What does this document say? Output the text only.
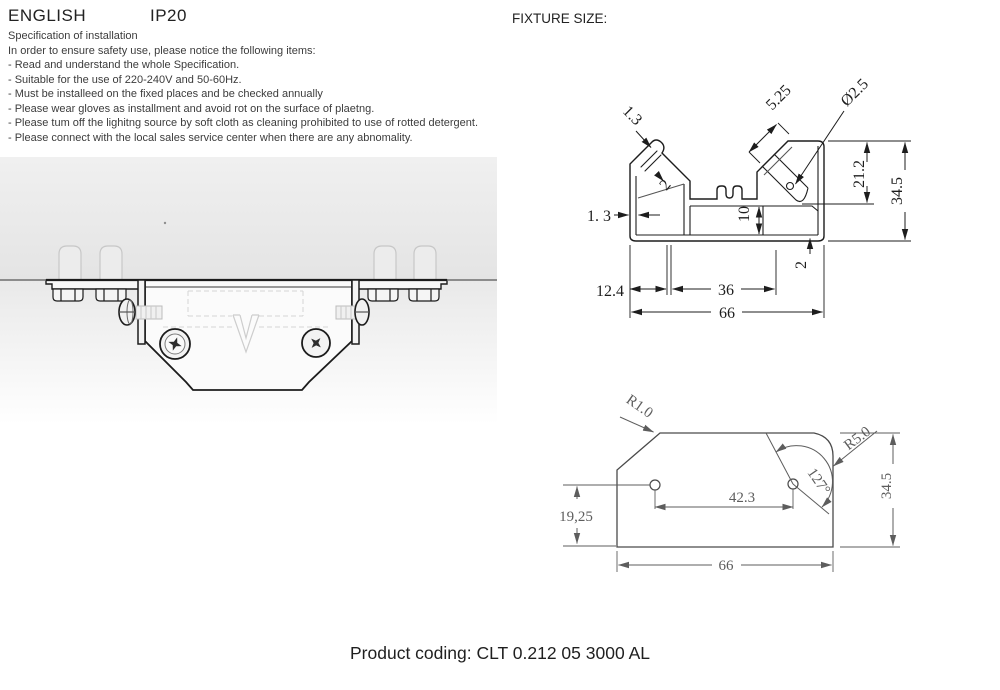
ENGLISH	IP20	FIXTURE SIZE:
Specification of installation
In order to ensure safety use, please notice the following items:
- Read and understand the whole Specification.
- Suitable for the use of 220-240V and 50-60Hz.
- Must be installeed on the fixed places and be checked annually
- Please wear gloves as installment and avoid rot on the surface of plaetng.
- Please tum off the lighitng source by soft cloth as cleaning prohibited to use of rotted detergent.
- Please connect with the local sales service center when there are any abnomality.
1.3
5.25	Ø2.5
2
1. 3	10
21.2
34.5
2
12.4	36
66
R1.0
R5.0
127°
42.3
19,25
34.5
66
Product coding: CLT 0.212 05 3000 AL
